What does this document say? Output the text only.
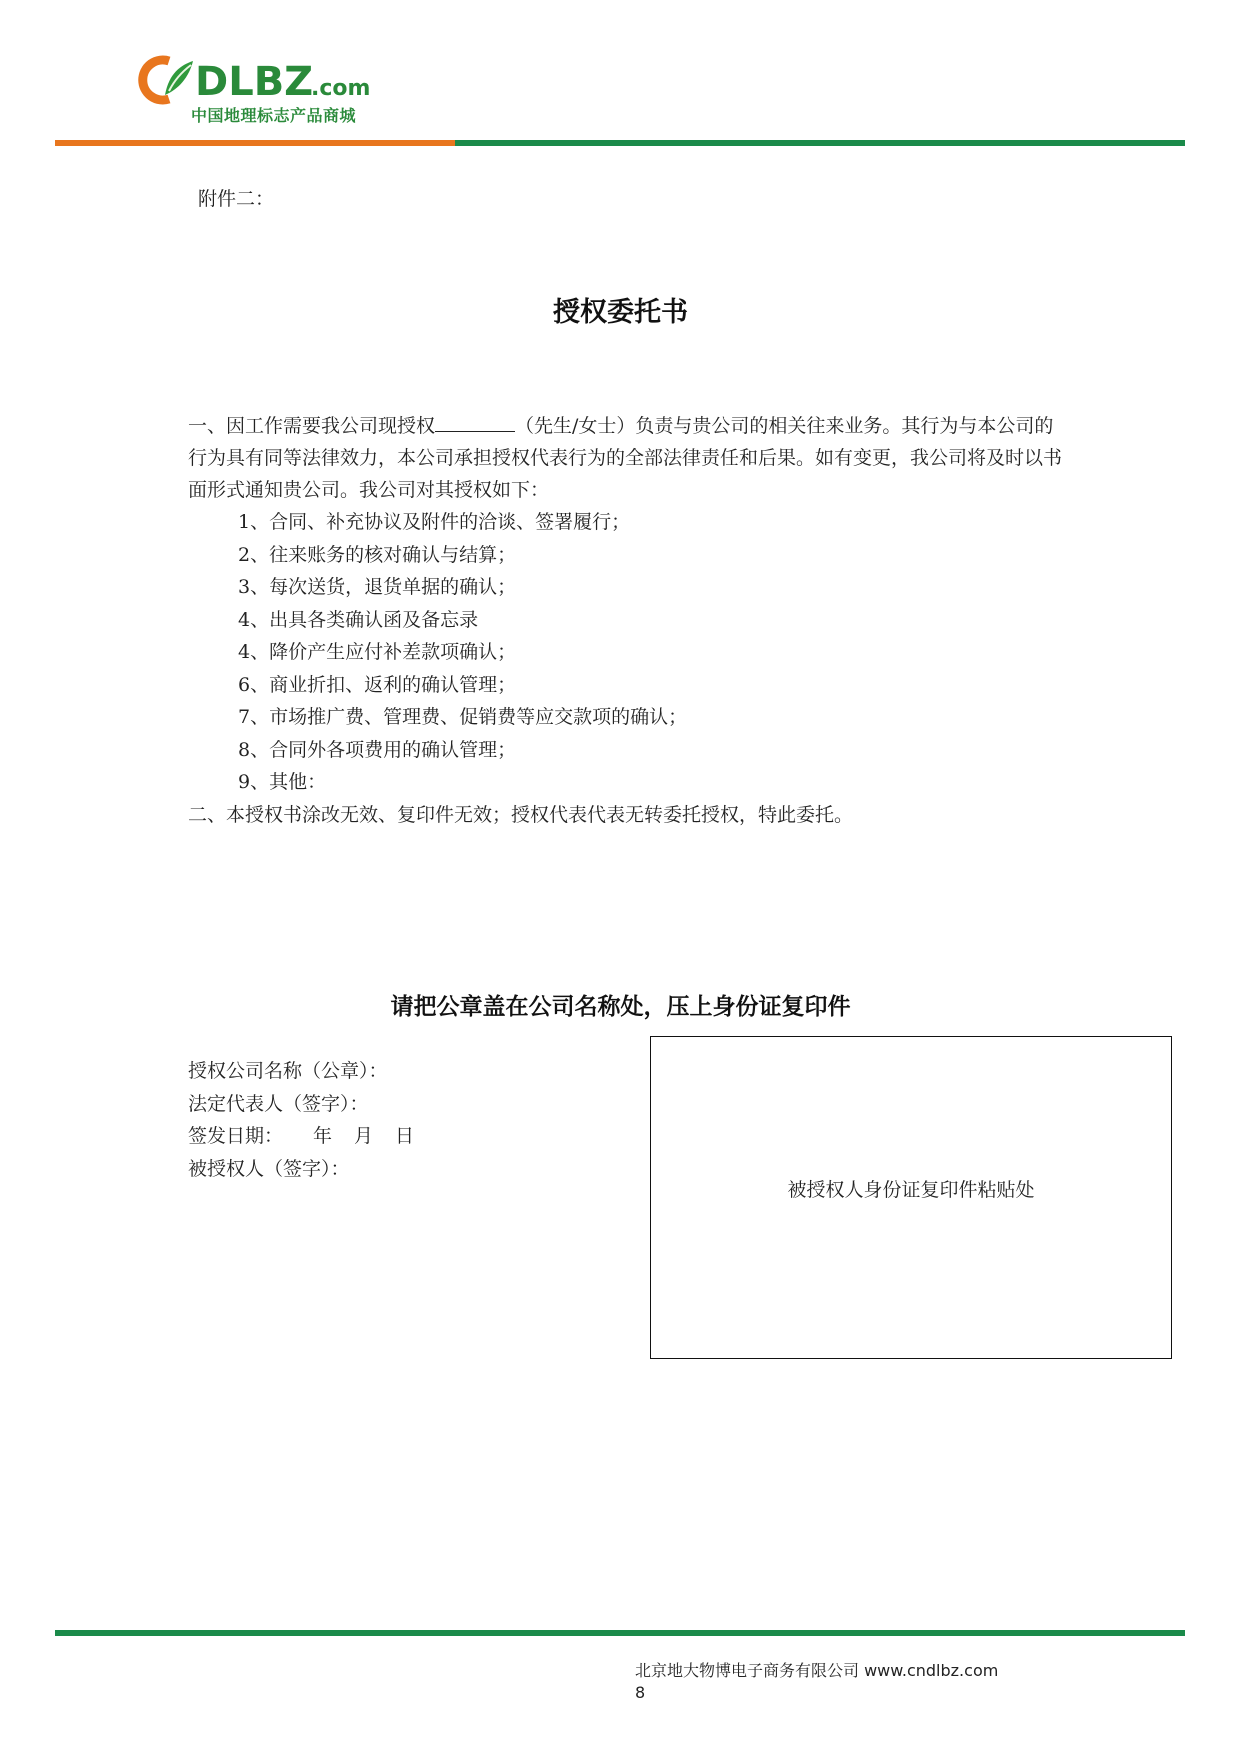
DLBZ
.com
中国地理标志产品商城
附件二：
授权委托书

一、因工作需要我公司现授权	（先生/女士）负责与贵公司的相关往来业务。其行为与本公司的行为具有同等法律效力，本公司承担授权代表行为的全部法律责任和后果。如有变更，我公司将及时以书面形式通知贵公司。我公司对其授权如下：

1、合同、补充协议及附件的洽谈、签署履行；
2、往来账务的核对确认与结算；
3、每次送货，退货单据的确认；
4、出具各类确认函及备忘录
4、降价产生应付补差款项确认；
6、商业折扣、返利的确认管理；
7、市场推广费、管理费、促销费等应交款项的确认；
8、合同外各项费用的确认管理；
9、其他：

二、本授权书涂改无效、复印件无效；授权代表代表无转委托授权，特此委托。

请把公章盖在公司名称处，压上身份证复印件
授权公司名称（公章）：
法定代表人（签字）：
签发日期： 年 月 日
被授权人（签字）：
被授权人身份证复印件粘贴处
北京地大物博电子商务有限公司 www.cndlbz.com
8
